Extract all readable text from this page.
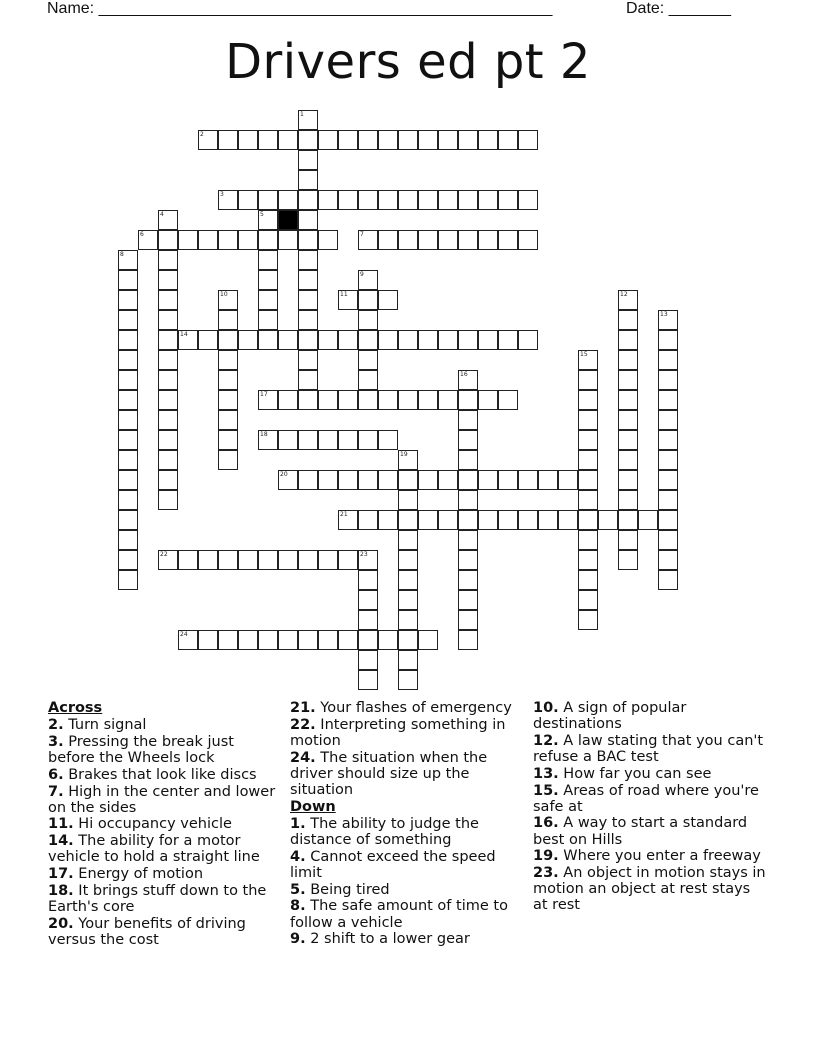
Name: ___________________________________________________	Date: _______
Drivers ed pt 2
2
3
6	7
11
14
17
18
20
21
22	23
24
1
4	5
8
9
10	12
13
15
16
19
Across
2. Turn signal
3. Pressing the break just before the Wheels lock
6. Brakes that look like discs
7. High in the center and lower on the sides
11. Hi occupancy vehicle
14. The ability for a motor vehicle to hold a straight line
17. Energy of motion
18. It brings stuff down to the Earth's core
20. Your benefits of driving versus the cost
21. Your flashes of emergency
22. Interpreting something in motion
24. The situation when the driver should size up the situation
Down
1. The ability to judge the distance of something
4. Cannot exceed the speed limit
5. Being tired
8. The safe amount of time to follow a vehicle
9. 2 shift to a lower gear
10. A sign of popular destinations
12. A law stating that you can't refuse a BAC test
13. How far you can see
15. Areas of road where you're safe at
16. A way to start a standard best on Hills
19. Where you enter a freeway
23. An object in motion stays in motion an object at rest stays at rest
